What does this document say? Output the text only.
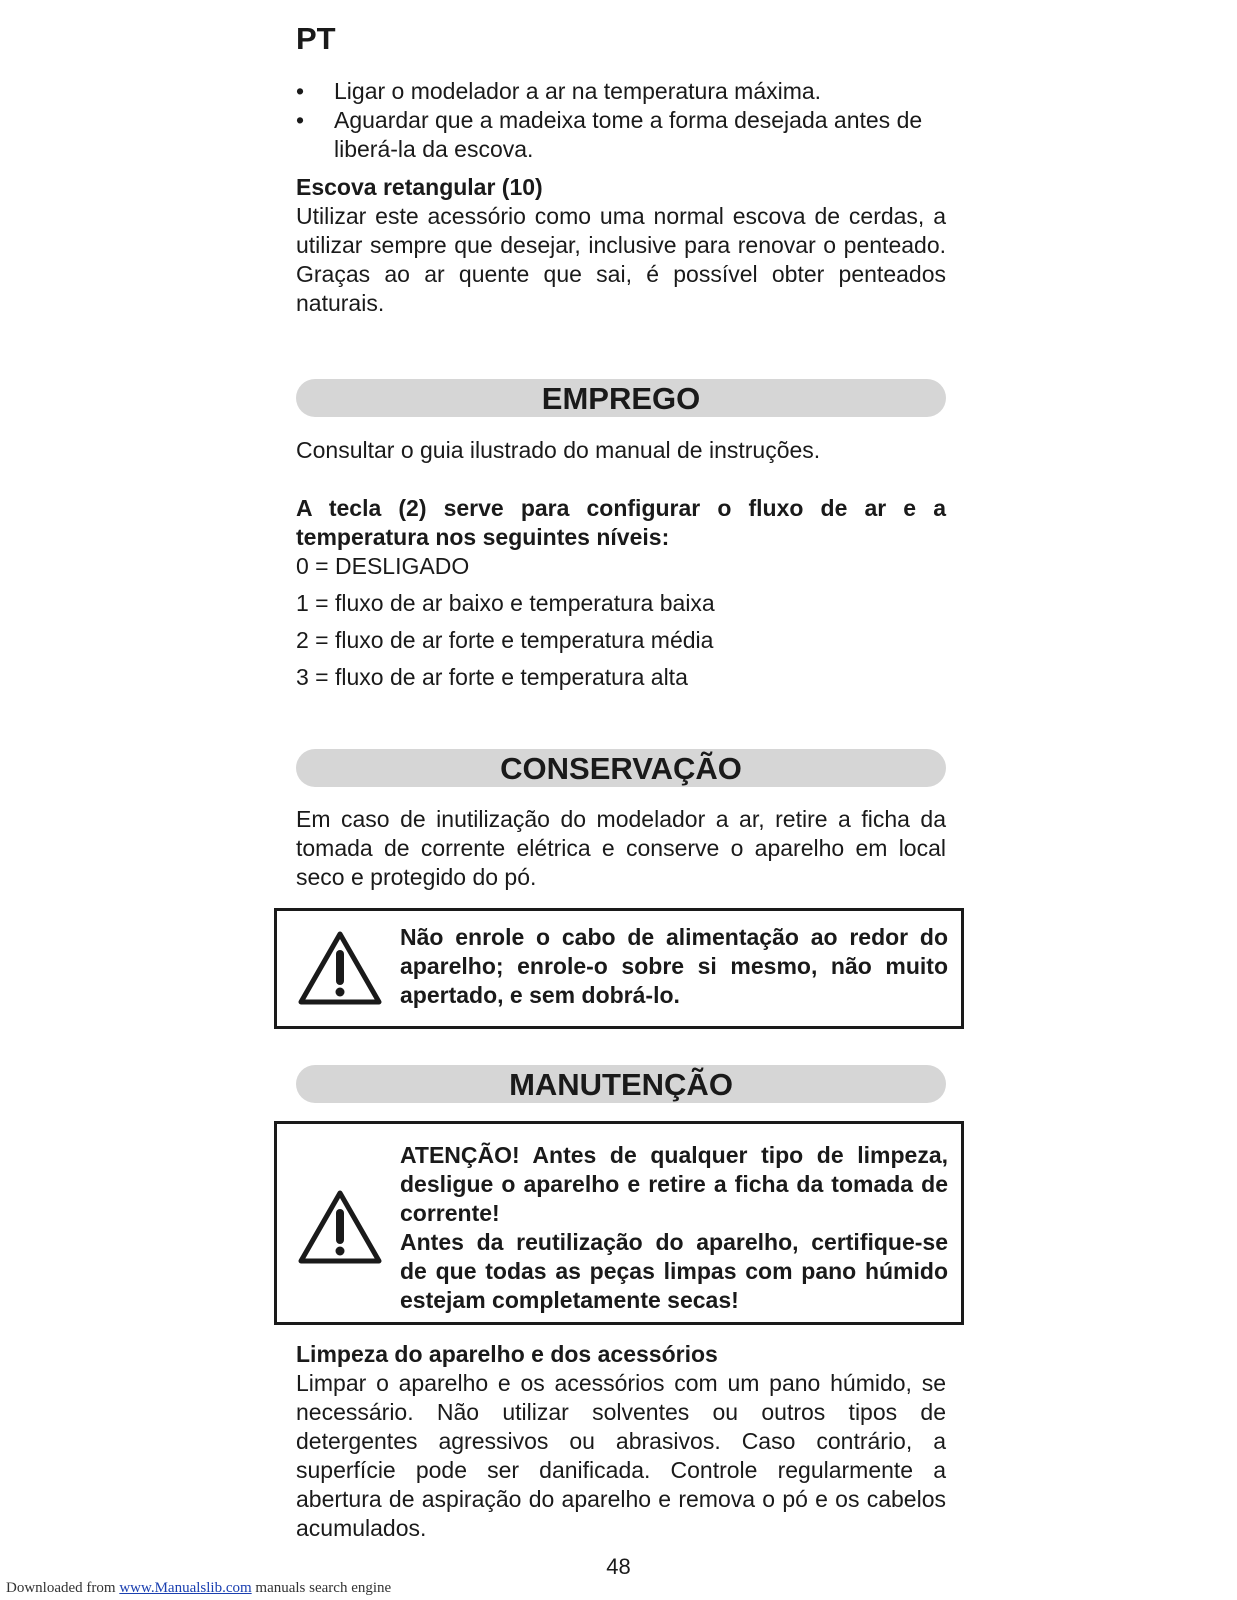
PT
• Ligar o modelador a ar na temperatura máxima.
• Aguardar que a madeixa tome a forma desejada antes de liberá-la da escova.

Escova retangular (10)

Utilizar este acessório como uma normal escova de cerdas, a utilizar sempre que desejar, inclusive para renovar o penteado. Graças ao ar quente que sai, é possível obter penteados naturais.

EMPREGO

Consultar o guia ilustrado do manual de instruções.

A tecla (2) serve para configurar o fluxo de ar e a temperatura nos seguintes níveis:

0 = DESLIGADO
1 = fluxo de ar baixo e temperatura baixa
2 = fluxo de ar forte e temperatura média
3 = fluxo de ar forte e temperatura alta
CONSERVAÇÃO

Em caso de inutilização do modelador a ar, retire a ficha da tomada de corrente elétrica e conserve o aparelho em local seco e protegido do pó.

Não enrole o cabo de alimentação ao redor do aparelho; enrole-o sobre si mesmo, não muito apertado, e sem dobrá-lo.

MANUTENÇÃO
ATENÇÃO! Antes de qualquer tipo de limpeza, desligue o aparelho e retire a ficha da tomada de corrente!
Antes da reutilização do aparelho, certifique-se de que todas as peças limpas com pano húmido estejam completamente secas!

Limpeza do aparelho e dos acessórios

Limpar o aparelho e os acessórios com um pano húmido, se necessário. Não utilizar solventes ou outros tipos de detergentes agressivos ou abrasivos. Caso contrário, a superfície pode ser danificada. Controle regularmente a abertura de aspiração do aparelho e remova o pó e os cabelos acumulados.

48
Downloaded from www.Manualslib.com manuals search engine
